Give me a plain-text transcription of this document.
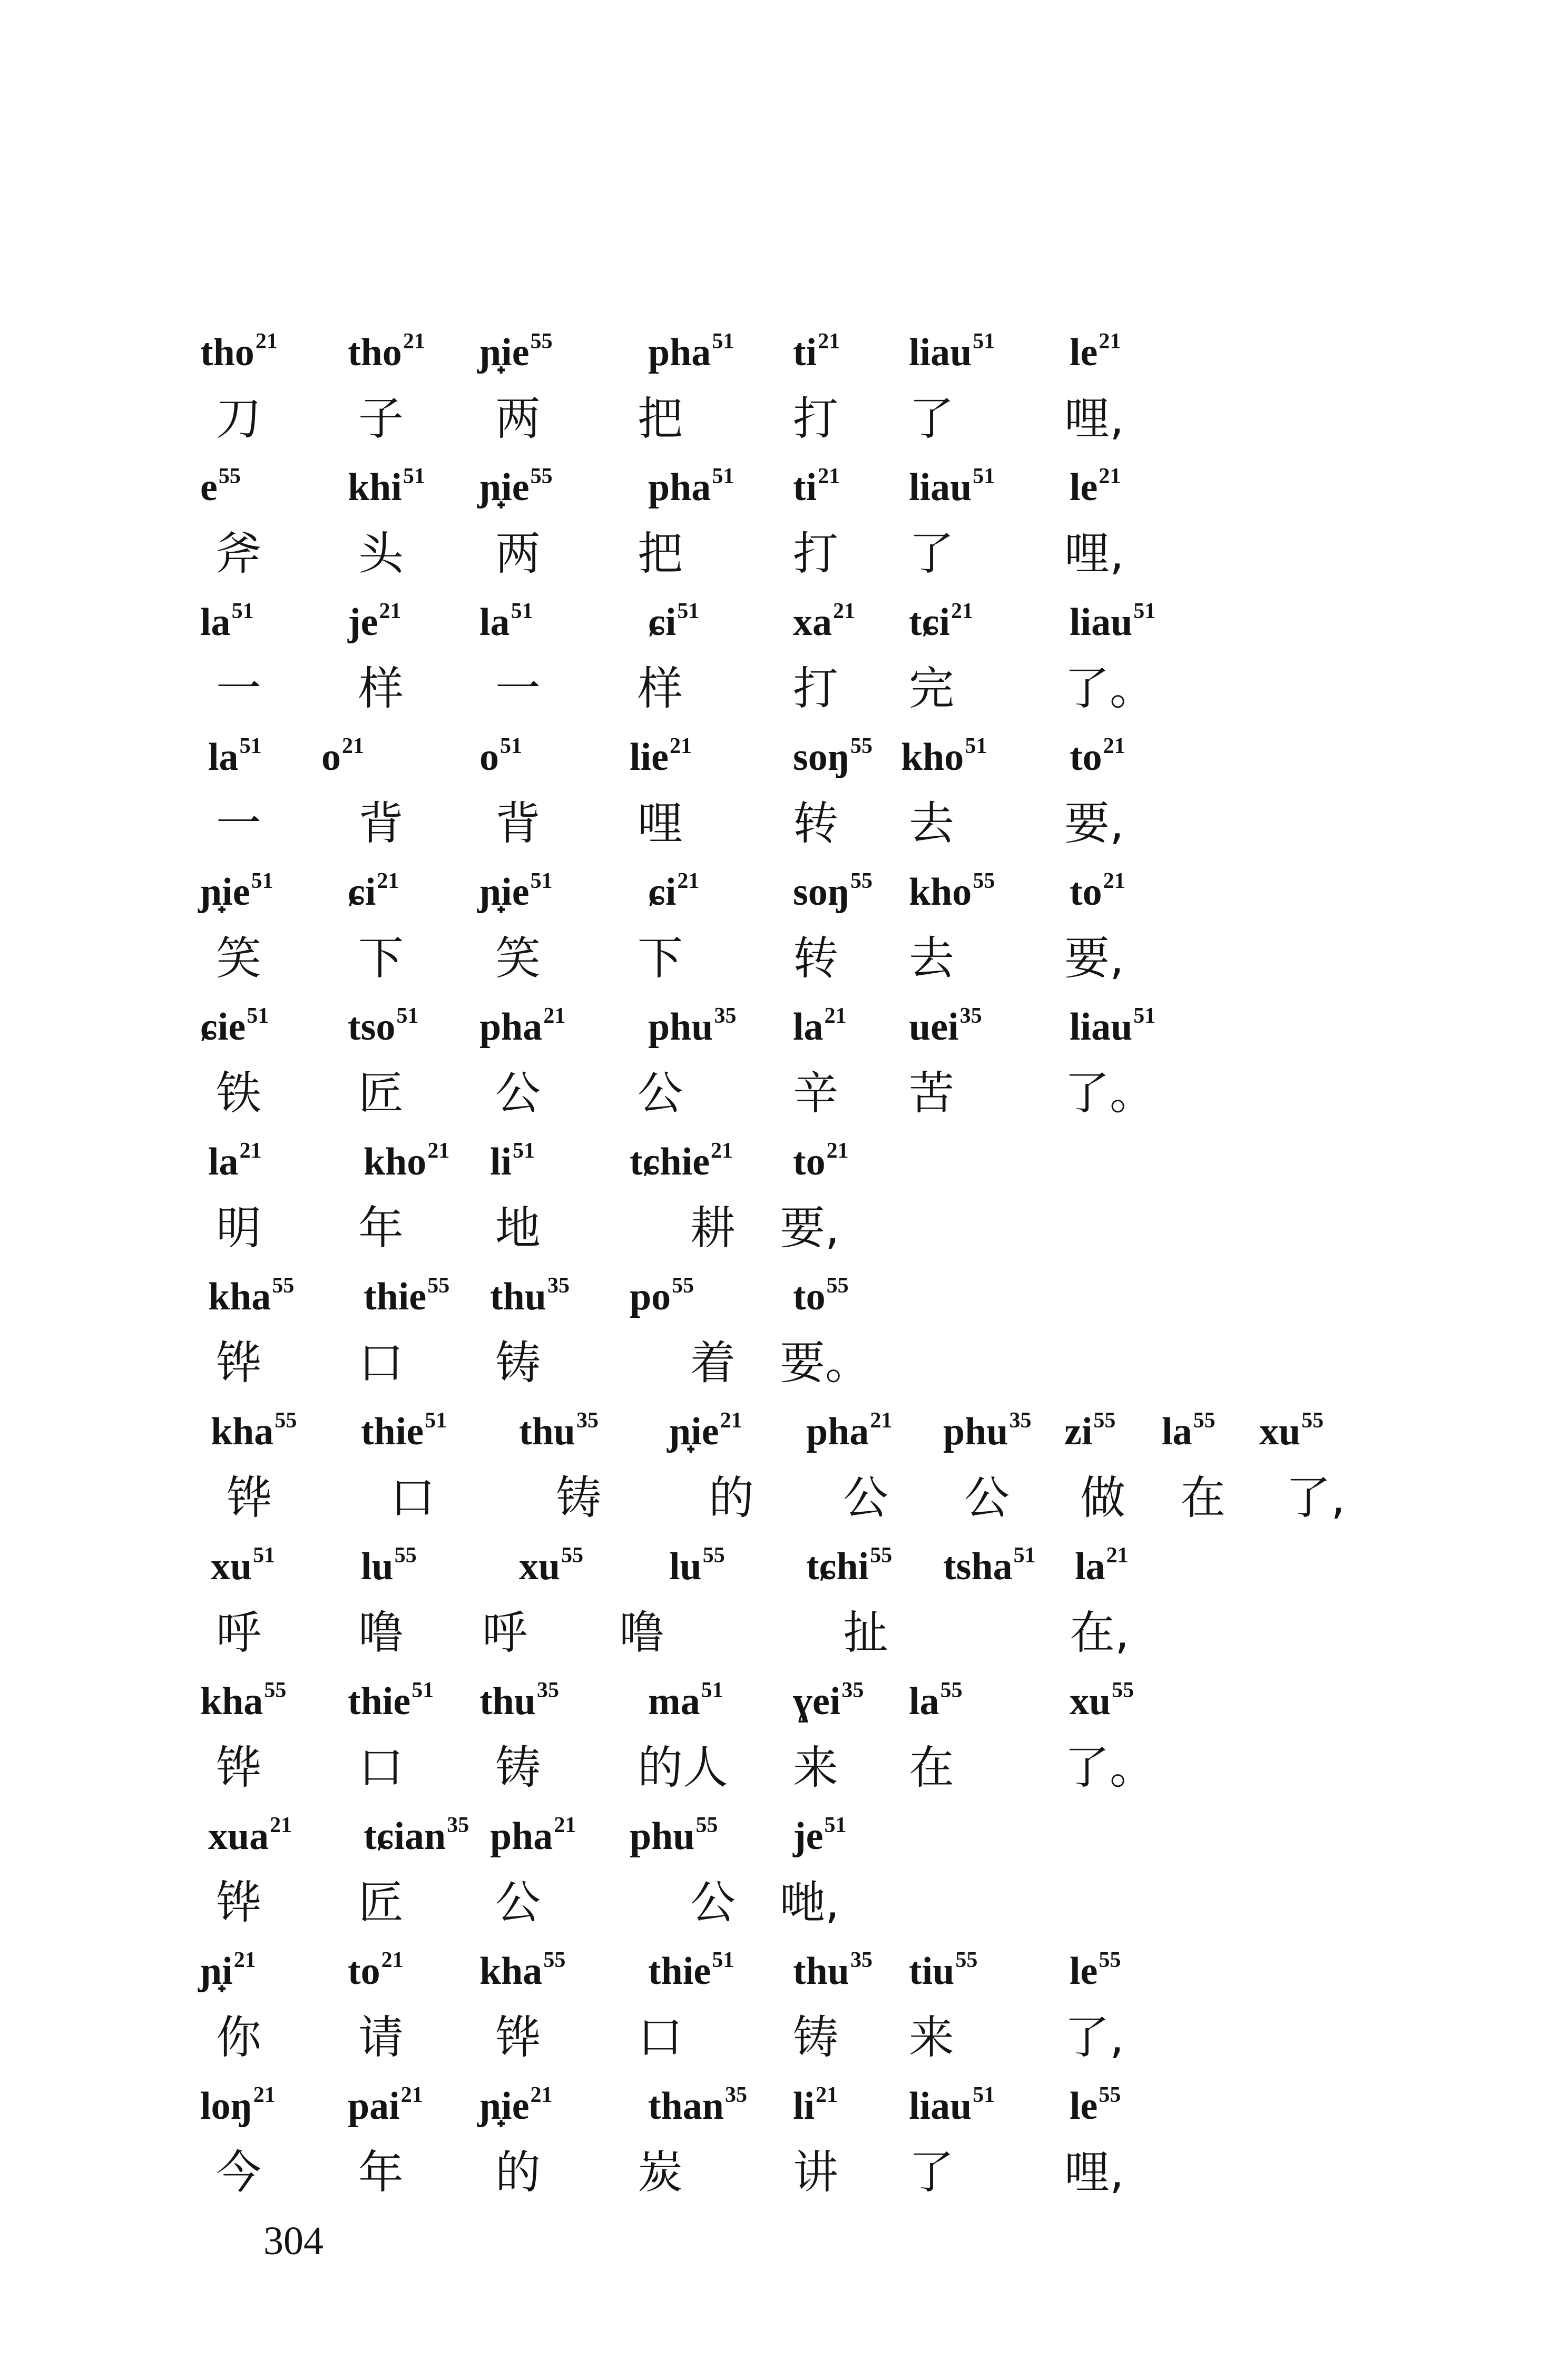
tho$^{21}$ tho$^{21}$ $ɲ̟ie^{55}$ pha$^{51}$ $ti^{21}$ liau$^{51}$ $le^{21}$
刀 子 两 把 打 了 哩,
$e^{55}$	khi$^{51}$ $ɲ̟ie^{55}$ pha$^{51}$ $ti^{21}$ liau$^{51}$ $le^{21}$
斧 头 两 把 打 了 哩,
$la^{51}$ $je^{21}$ $la^{51}$	ɕi$^{51}$ $xa^{21}$ tɕi$^{21}$ liau$^{51}$
一 样 一 样 打 完 了。
$la^{51}$ $o^{21}$	$o^{51}$	lie$^{21}$	soŋ$^{55}$ kho$^{51}$ $to^{21}$
一 背 背 哩 转 去 要,
$ɲ̟ie^{51}$ ɕi$^{21}$ $ɲ̟ie^{51}$ ɕi$^{21}$ soŋ$^{55}$ kho$^{55}$ $to^{21}$
笑 下 笑 下 转 去 要,
ɕie$^{51}$ tso$^{51}$ pha$^{21}$ phu$^{35}$ $la^{21}$ uei$^{35}$ liau$^{51}$
铁 匠 公 公 辛 苦 了。
$la^{21}$	kho$^{21}$ $li^{51}$ tɕhie$^{21}$ $to^{21}$
明 年 地	耕 要,
kha$^{55}$ thie$^{55}$ thu$^{35}$ $po^{55}$	$to^{55}$
铧 口 铸	着 要。
kha$^{55}$ thie$^{51}$ thu$^{35}$ $ɲ̟ie^{21}$ pha$^{21}$ phu$^{35}$ $zi^{55}$ $la^{55}$ $xu^{55}$
铧	口	铸 的 公 公 做 在 了,
$xu^{51}$ $lu^{55}$	$xu^{55}$ $lu^{55}$ tɕhi$^{55}$ tsha$^{51}$ $la^{21}$
呼 噜 呼 噜	扯	在,
kha$^{55}$ thie$^{51}$ thu$^{35}$ $ma^{51}$ ɣei$^{35}$ $la^{55}$	$xu^{55}$
铧 口 铸 的人 来 在 了。
xua$^{21}$ tɕian$^{35}$ pha$^{21}$ phu$^{55}$ $je^{51}$
铧 匠 公	公 哋,
$ɲ̟i^{21}$ $to^{21}$ kha$^{55}$ thie$^{51}$ thu$^{35}$ tiu$^{55}$ $le^{55}$
你 请 铧 口 铸 来 了,
loŋ$^{21}$ pai$^{21}$ $ɲ̟ie^{21}$ than$^{35}$ $li^{21}$ liau$^{51}$ $le^{55}$
今 年 的 炭 讲 了 哩,
304
